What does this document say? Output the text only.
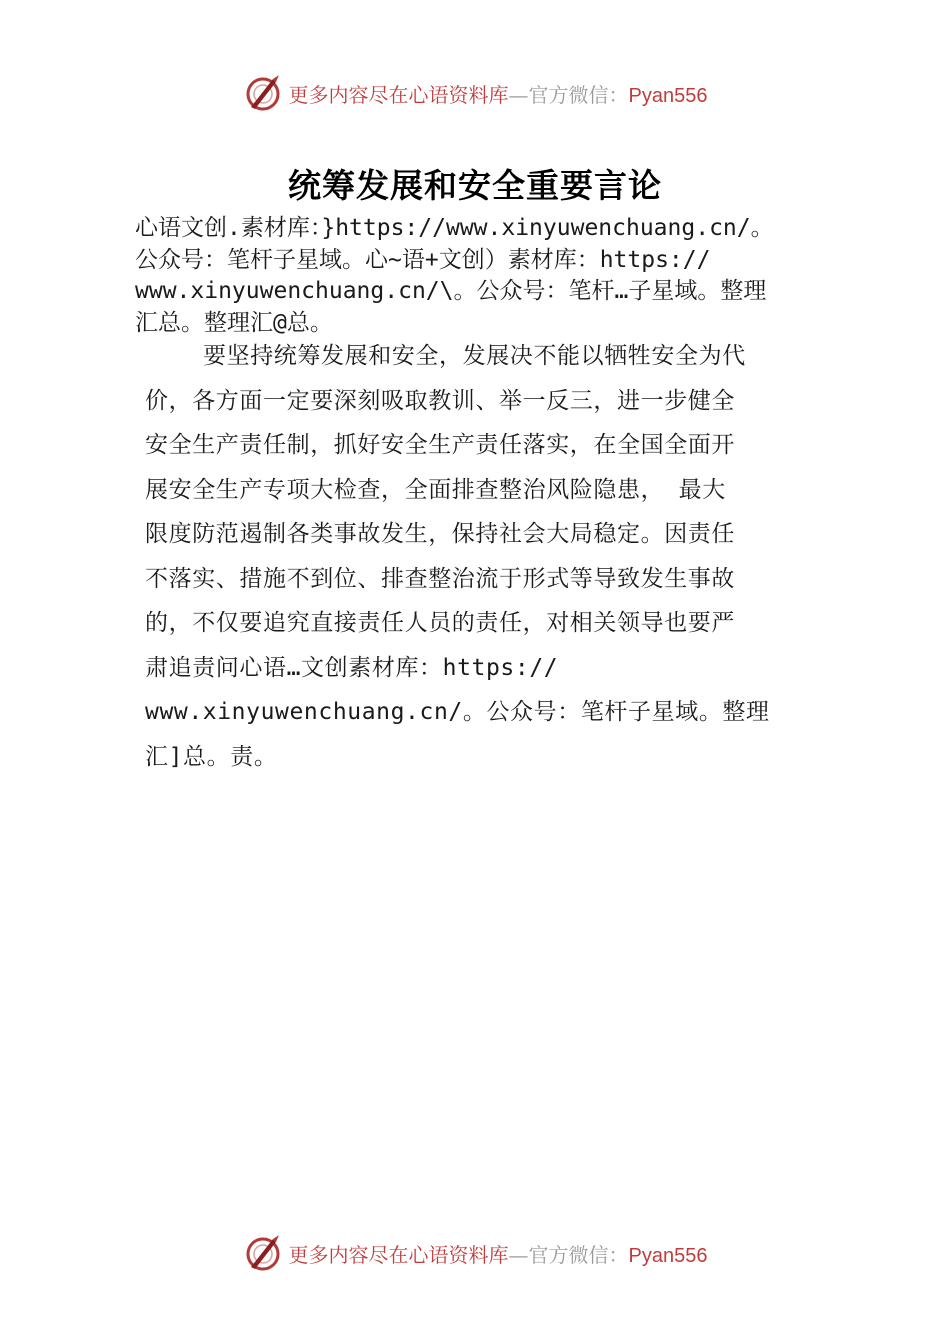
更多内容尽在心语资料库—官方微信：Pyan556
统筹发展和安全重要言论
心语文创.素材库：}https://www.xinyuwenchuang.cn/。
公众号：笔杆子星域。心~语+文创）素材库：https://
www.xinyuwenchuang.cn/\。公众号：笔杆…子星域。整理
汇总。整理汇@总。
要坚持统筹发展和安全，发展决不能以牺牲安全为代
价，各方面一定要深刻吸取教训、举一反三，进一步健全
安全生产责任制，抓好安全生产责任落实，在全国全面开
展安全生产专项大检查，全面排查整治风险隐患， 最大
限度防范遏制各类事故发生，保持社会大局稳定。因责任
不落实、措施不到位、排查整治流于形式等导致发生事故
的，不仅要追究直接责任人员的责任，对相关领导也要严
肃追责问心语…文创素材库：https://
www.xinyuwenchuang.cn/。公众号：笔杆子星域。整理
汇]总。责。
更多内容尽在心语资料库—官方微信：Pyan556
